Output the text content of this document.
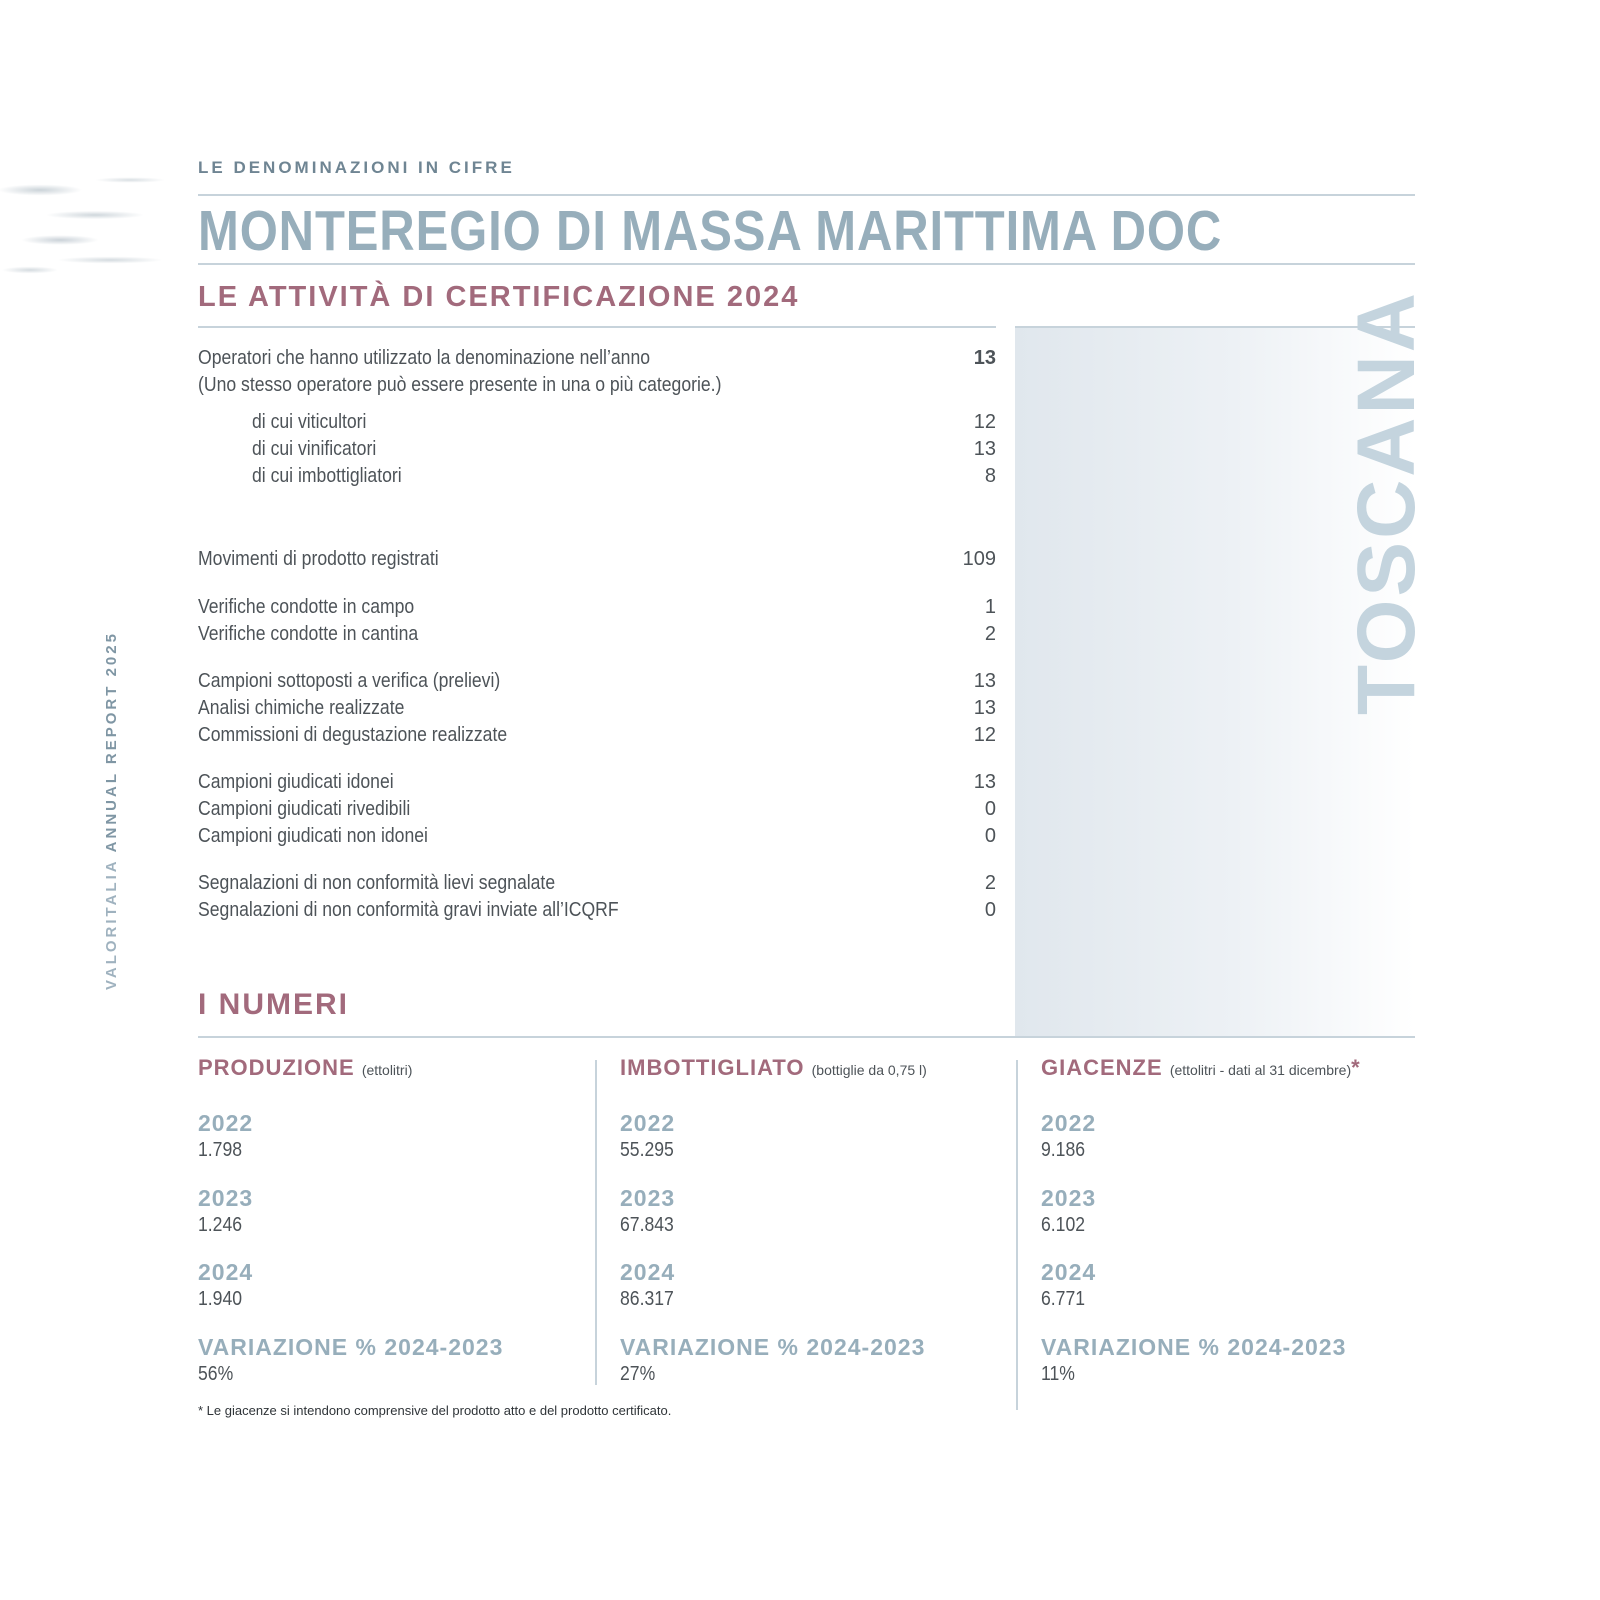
VALORITALIA ANNUAL REPORT 2025
LE DENOMINAZIONI IN CIFRE
MONTEREGIO DI MASSA MARITTIMA DOC
LE ATTIVITÀ DI CERTIFICAZIONE 2024	TOSCANA
Operatori che hanno utilizzato la denominazione nell’anno	13
di cui viticultori	12
di cui vinificatori	13
di cui imbottigliatori	8
Movimenti di prodotto registrati	109
Verifiche condotte in campo	1
Verifiche condotte in cantina	2
Campioni sottoposti a verifica (prelievi)	13
Analisi chimiche realizzate	13
Commissioni di degustazione realizzate	12
Campioni giudicati idonei	13
Campioni giudicati rivedibili	0
Campioni giudicati non idonei	0
Segnalazioni di non conformità lievi segnalate	2
Segnalazioni di non conformità gravi inviate all’ICQRF	0
(Uno stesso operatore può essere presente in una o più categorie.)
I NUMERI
PRODUZIONE (ettolitri)
2022
1.798
2023
1.246
2024
1.940
VARIAZIONE % 2024-2023
56%
IMBOTTIGLIATO (bottiglie da 0,75 l)
2022
55.295
2023
67.843
2024
86.317
VARIAZIONE % 2024-2023
27%
GIACENZE (ettolitri - dati al 31 dicembre)*
2022
9.186
2023
6.102
2024
6.771
VARIAZIONE % 2024-2023
11%
* Le giacenze si intendono comprensive del prodotto atto e del prodotto certificato.
